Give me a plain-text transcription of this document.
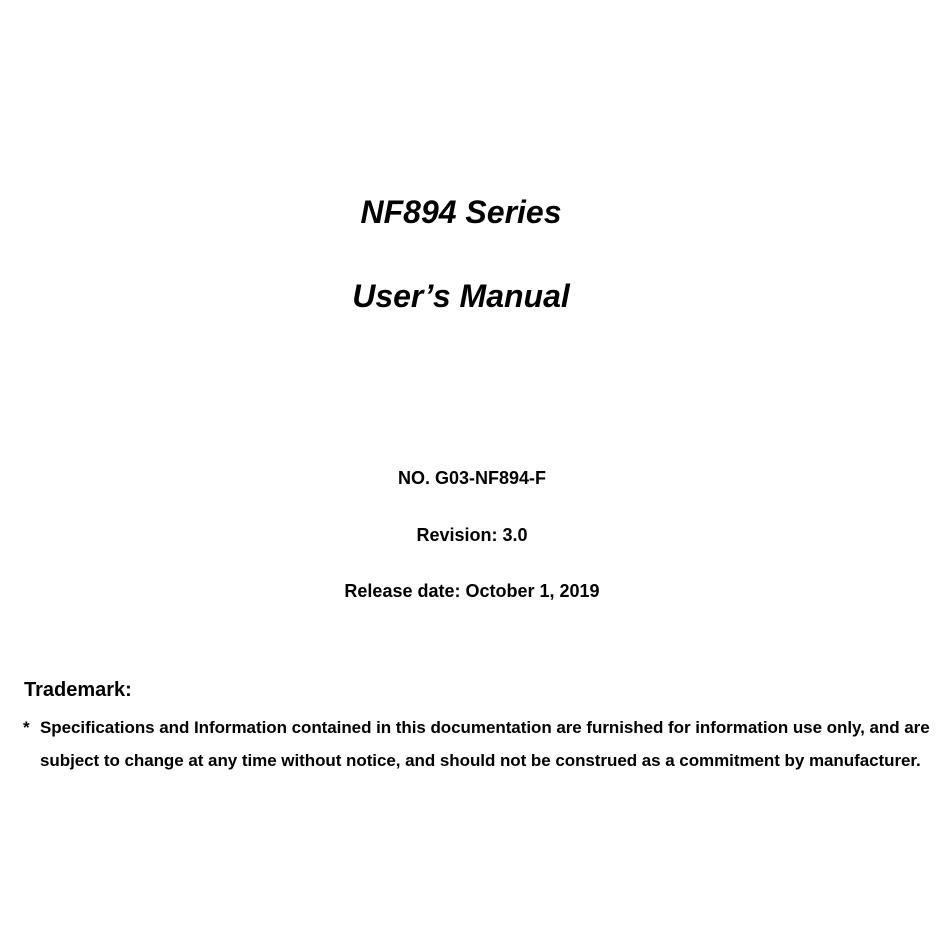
NF894 Series
User’s Manual
NO. G03-NF894-F
Revision: 3.0
Release date: October 1, 2019
Trademark:
* Specifications and Information contained in this documentation are furnished for information use only, and are
subject to change at any time without notice, and should not be construed as a commitment by manufacturer.
